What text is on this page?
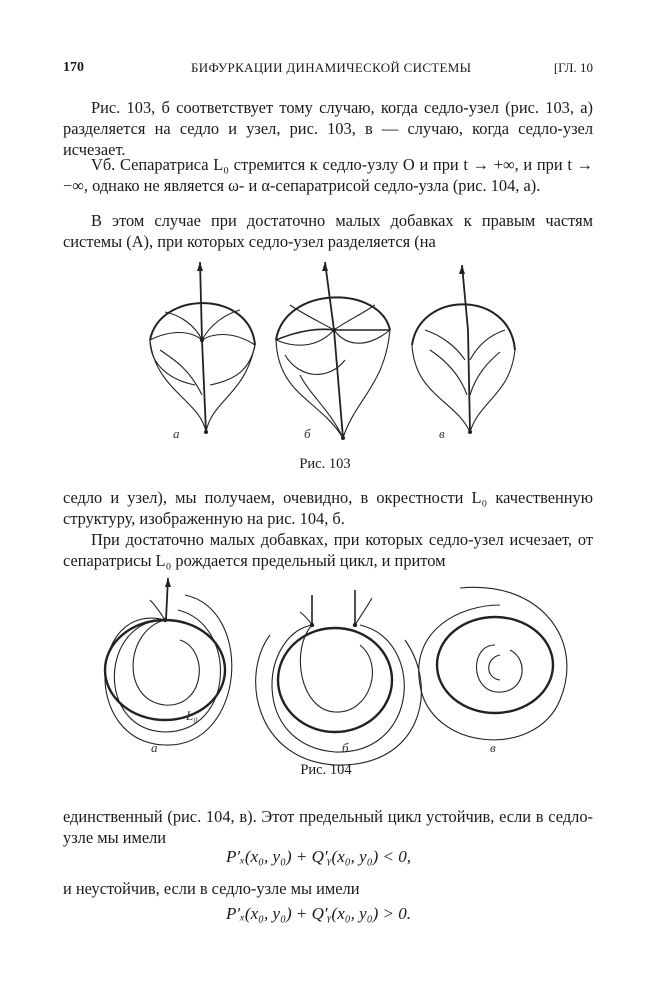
170	БИФУРКАЦИИ ДИНАМИЧЕСКОЙ СИСТЕМЫ	[ГЛ. 10
Рис. 103, б соответствует тому случаю, когда седло-узел (рис. 103, а) разделяется на седло и узел, рис. 103, в — случаю, когда седло-узел исчезает.
Vб. Сепаратриса L₀ стремится к седло-узлу O и при t → +∞, и при t → −∞, однако не является ω- и α-сепаратрисой седло-узла (рис. 104, а).
В этом случае при достаточно малых добавках к правым частям системы (А), при которых седло-узел разделяется (на
а	б	в
Рис. 103
седло и узел), мы получаем, очевидно, в окрестности L₀ качественную структуру, изображенную на рис. 104, б.
При достаточно малых добавках, при которых седло-узел исчезает, от сепаратрисы L₀ рождается предельный цикл, и притом
L₀
а	б	в
Рис. 104
единственный (рис. 104, в). Этот предельный цикл устойчив, если в седло-узле мы имели
P′ₓ(x₀, y₀) + Q′ᵧ(x₀, y₀) < 0,
и неустойчив, если в седло-узле мы имели
P′ₓ(x₀, y₀) + Q′ᵧ(x₀, y₀) > 0.
